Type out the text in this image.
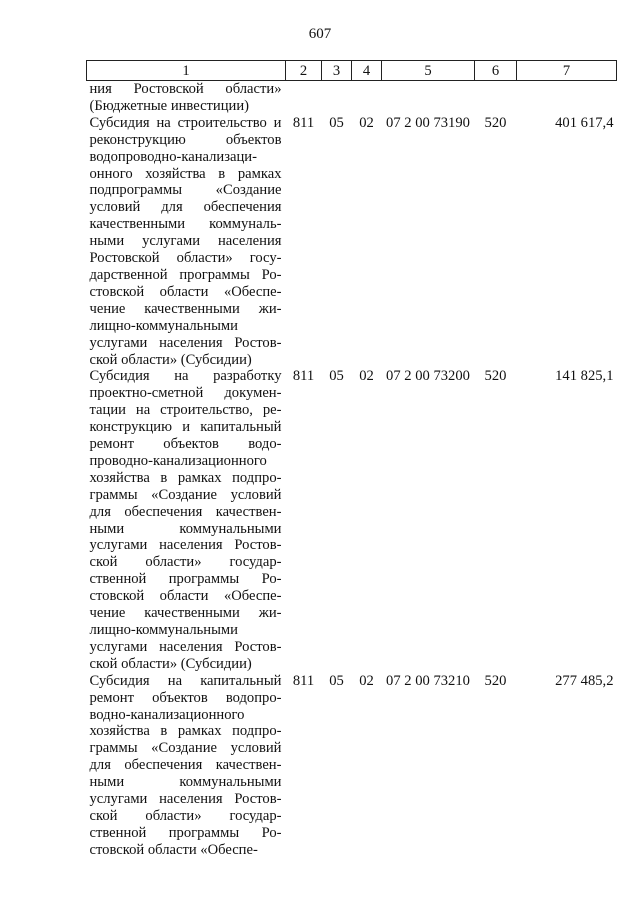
607
1	2	3	4	5	6	7
ния Ростовской области» (Бюджетные инвестиции)						
Субсидия на строительство и реконструкцию объектов водопроводно-канализационного хозяйства в рамках подпрограммы «Создание условий для обеспечения качественными коммунальными услугами населения Ростовской области» государственной программы Ростовской области «Обеспечение качественными жилищно-коммунальными услугами населения Ростовской области» (Субсидии)	811	05	02	07 2 00 73190	520	401 617,4
Субсидия на разработку проектно-сметной документации на строительство, реконструкцию и капитальный ремонт объектов водопроводно-канализационного хозяйства в рамках подпрограммы «Создание условий для обеспечения качественными коммунальными услугами населения Ростовской области» государственной программы Ростовской области «Обеспечение качественными жилищно-коммунальными услугами населения Ростовской области» (Субсидии)	811	05	02	07 2 00 73200	520	141 825,1
Субсидия на капитальный ремонт объектов водопроводно-канализационного хозяйства в рамках подпрограммы «Создание условий для обеспечения качественными коммунальными услугами населения Ростовской области» государственной программы Ростовской области «Обеспе-	811	05	02	07 2 00 73210	520	277 485,2
